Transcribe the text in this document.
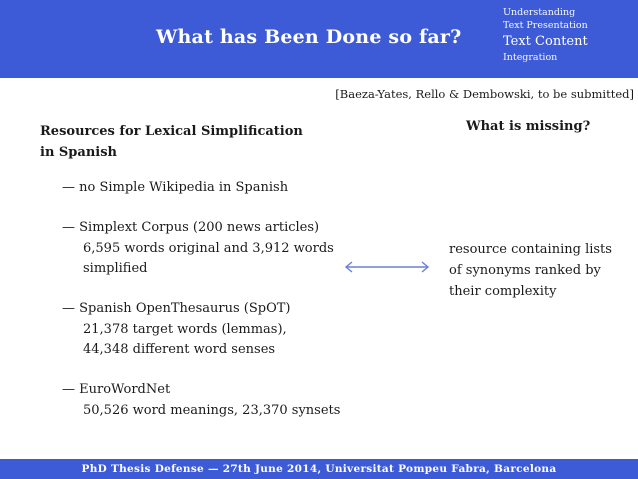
What has Been Done so far?
Understanding
Text Presentation
Text Content
Integration
[Baeza-Yates, Rello & Dembowski, to be submitted]
Resources for Lexical Simplification
in Spanish
What is missing?
— no Simple Wikipedia in Spanish
— Simplext Corpus (200 news articles)
6,595 words original and 3,912 words
simplified
— Spanish OpenThesaurus (SpOT)
21,378 target words (lemmas),
44,348 different word senses
— EuroWordNet
50,526 word meanings, 23,370 synsets
resource containing lists
of synonyms ranked by
their complexity
PhD Thesis Defense — 27th June 2014, Universitat Pompeu Fabra, Barcelona
